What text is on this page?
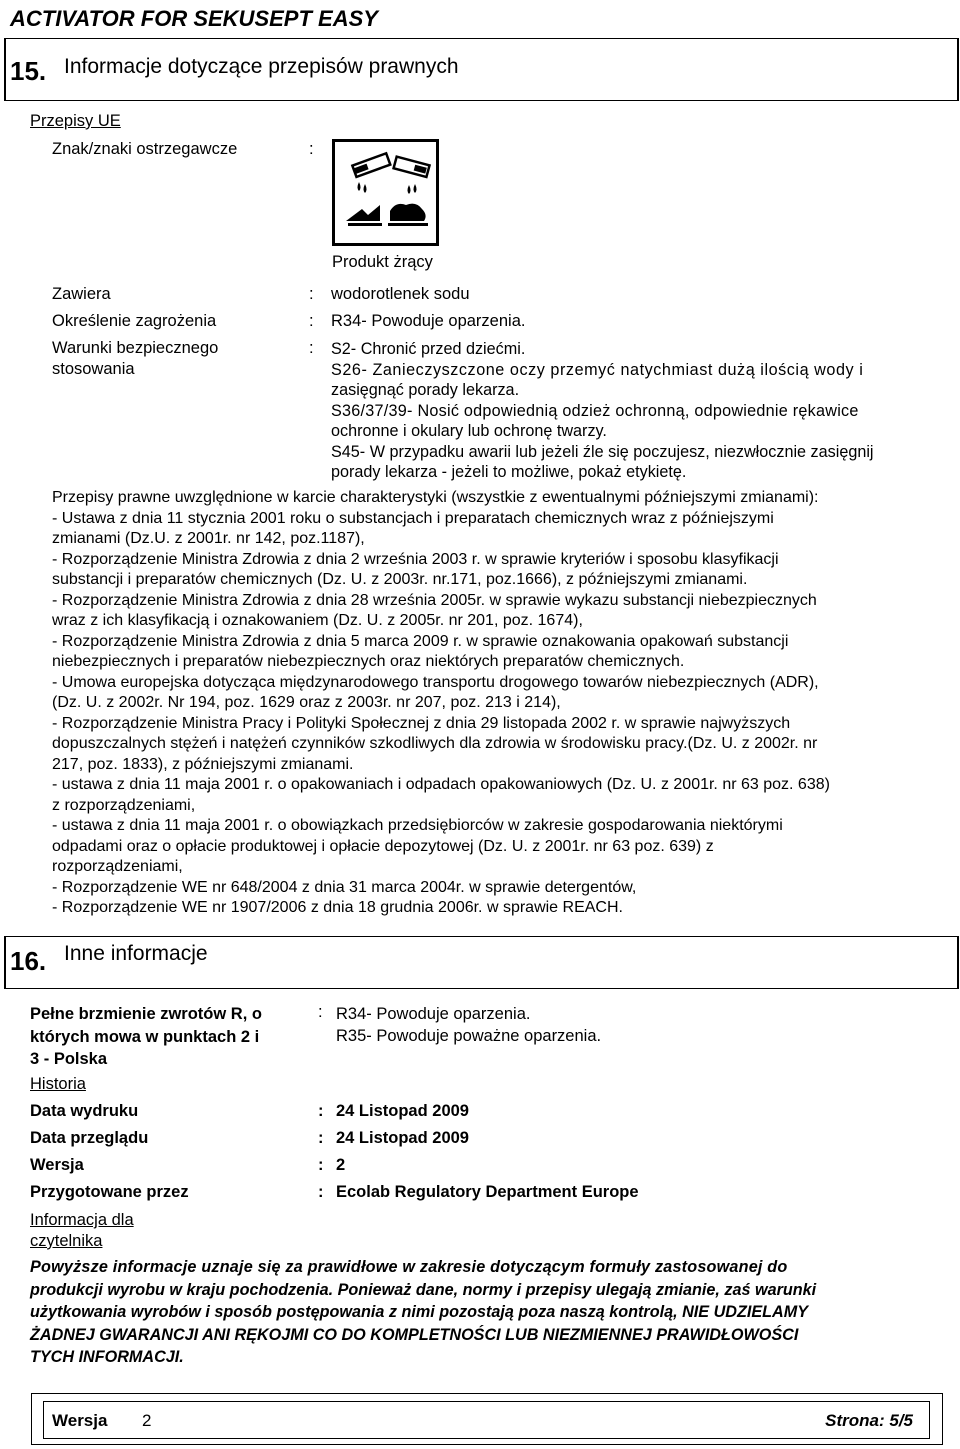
ACTIVATOR FOR SEKUSEPT EASY
15. Informacje dotyczące przepisów prawnych
Przepisy UE
Znak/znaki ostrzegawcze	:
Produkt żrący
Zawiera	: wodorotlenek sodu
Określenie zagrożenia	: R34- Powoduje oparzenia.
Warunki bezpiecznego
stosowania
: S2- Chronić przed dziećmi.
S26- Zanieczyszczone oczy przemyć natychmiast dużą ilością wody i
zasięgnąć porady lekarza.
S36/37/39- Nosić odpowiednią odzież ochronną, odpowiednie rękawice
ochronne i okulary lub ochronę twarzy.
S45- W przypadku awarii lub jeżeli źle się poczujesz, niezwłocznie zasięgnij
porady lekarza - jeżeli to możliwe, pokaż etykietę.
Przepisy prawne uwzględnione w karcie charakterystyki (wszystkie z ewentualnymi późniejszymi zmianami):
- Ustawa z dnia 11 stycznia 2001 roku o substancjach i preparatach chemicznych wraz z późniejszymi
zmianami (Dz.U. z 2001r. nr 142, poz.1187),
- Rozporządzenie Ministra Zdrowia z dnia 2 września 2003 r. w sprawie kryteriów i sposobu klasyfikacji
substancji i preparatów chemicznych (Dz. U. z 2003r. nr.171, poz.1666), z późniejszymi zmianami.
- Rozporządzenie Ministra Zdrowia z dnia 28 września 2005r. w sprawie wykazu substancji niebezpiecznych
wraz z ich klasyfikacją i oznakowaniem (Dz. U. z 2005r. nr 201, poz. 1674),
- Rozporządzenie Ministra Zdrowia z dnia 5 marca 2009 r. w sprawie oznakowania opakowań substancji
niebezpiecznych i preparatów niebezpiecznych oraz niektórych preparatów chemicznych.
- Umowa europejska dotycząca międzynarodowego transportu drogowego towarów niebezpiecznych (ADR),
(Dz. U. z 2002r. Nr 194, poz. 1629 oraz z 2003r. nr 207, poz. 213 i 214),
- Rozporządzenie Ministra Pracy i Polityki Społecznej z dnia 29 listopada 2002 r. w sprawie najwyższych
dopuszczalnych stężeń i natężeń czynników szkodliwych dla zdrowia w środowisku pracy.(Dz. U. z 2002r. nr
217, poz. 1833), z późniejszymi zmianami.
- ustawa z dnia 11 maja 2001 r. o opakowaniach i odpadach opakowaniowych (Dz. U. z 2001r. nr 63 poz. 638)
z rozporządzeniami,
- ustawa z dnia 11 maja 2001 r. o obowiązkach przedsiębiorców w zakresie gospodarowania niektórymi
odpadami oraz o opłacie produktowej i opłacie depozytowej (Dz. U. z 2001r. nr 63 poz. 639) z
rozporządzeniami,
- Rozporządzenie WE nr 648/2004 z dnia 31 marca 2004r. w sprawie detergentów,
- Rozporządzenie WE nr 1907/2006 z dnia 18 grudnia 2006r. w sprawie REACH.
16. Inne informacje
Pełne brzmienie zwrotów R, o
których mowa w punktach 2 i
3 - Polska
: R34- Powoduje oparzenia.
R35- Powoduje poważne oparzenia.
Historia
Data wydruku	: 24 Listopad 2009
Data przeglądu	: 24 Listopad 2009
Wersja	: 2
Przygotowane przez	: Ecolab Regulatory Department Europe
Informacja dla
czytelnika
Powyższe informacje uznaje się za prawidłowe w zakresie dotyczącym formuły zastosowanej do
produkcji wyrobu w kraju pochodzenia. Ponieważ dane, normy i przepisy ulegają zmianie, zaś warunki
użytkowania wyrobów i sposób postępowania z nimi pozostają poza naszą kontrolą, NIE UDZIELAMY
ŻADNEJ GWARANCJI ANI RĘKOJMI CO DO KOMPLETNOŚCI LUB NIEZMIENNEJ PRAWIDŁOWOŚCI
TYCH INFORMACJI.
Wersja 2	Strona: 5/5
